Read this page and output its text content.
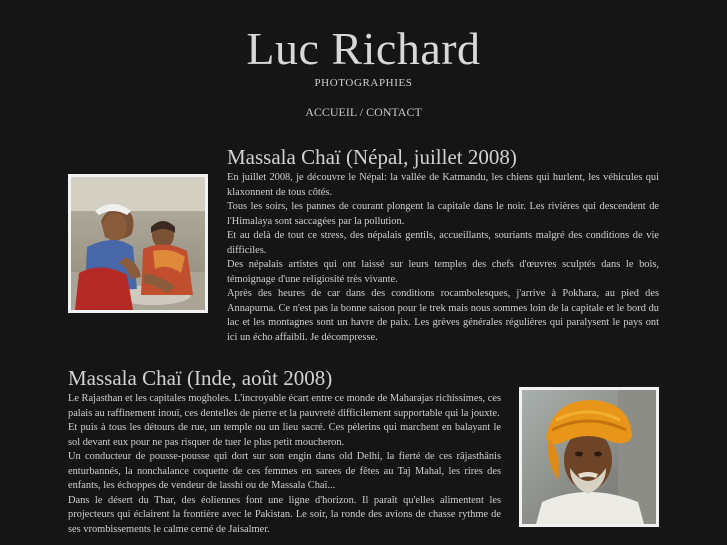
Luc Richard
PHOTOGRAPHIES
ACCUEIL / CONTACT
Massala Chaï (Népal, juillet 2008)

En juillet 2008, je découvre le Népal: la vallée de Katmandu, les chiens qui hurlent, les véhicules qui klaxonnent de tous côtés.

Tous les soirs, les pannes de courant plongent la capitale dans le noir. Les rivières qui descendent de l'Himalaya sont saccagées par la pollution.

Et au delà de tout ce stress, des népalais gentils, accueillants, souriants malgré des conditions de vie difficiles.

Des népalais artistes qui ont laissé sur leurs temples des chefs d'œuvres sculptés dans le bois, témoignage d'une religiosité très vivante.

Après des heures de car dans des conditions rocambolesques, j'arrive à Pokhara, au pied des Annapurna. Ce n'est pas la bonne saison pour le trek mais nous sommes loin de la capitale et le bord du lac et les montagnes sont un havre de paix. Les grèves générales régulières qui paralysent le pays ont ici un écho affaibli. Je décompresse.

Massala Chaï (Inde, août 2008)

Le Rajasthan et les capitales mogholes. L'incroyable écart entre ce monde de Maharajas richissimes, ces palais au raffinement inouï, ces dentelles de pierre et la pauvreté difficilement supportable qui la jouxte.

Et puis à tous les détours de rue, un temple ou un lieu sacré. Ces pèlerins qui marchent en balayant le sol devant eux pour ne pas risquer de tuer le plus petit moucheron.

Un conducteur de pousse-pousse qui dort sur son engin dans old Delhi, la fierté de ces râjasthânis enturbannés, la nonchalance coquette de ces femmes en sarees de fêtes au Taj Mahal, les rires des enfants, les échoppes de vendeur de lasshi ou de Massala Chaï...

Dans le désert du Thar, des éoliennes font une ligne d'horizon. Il paraît qu'elles alimentent les projecteurs qui éclairent la frontière avec le Pakistan. Le soir, la ronde des avions de chasse rythme de ses vrombissements le calme cerné de Jaisalmer.
